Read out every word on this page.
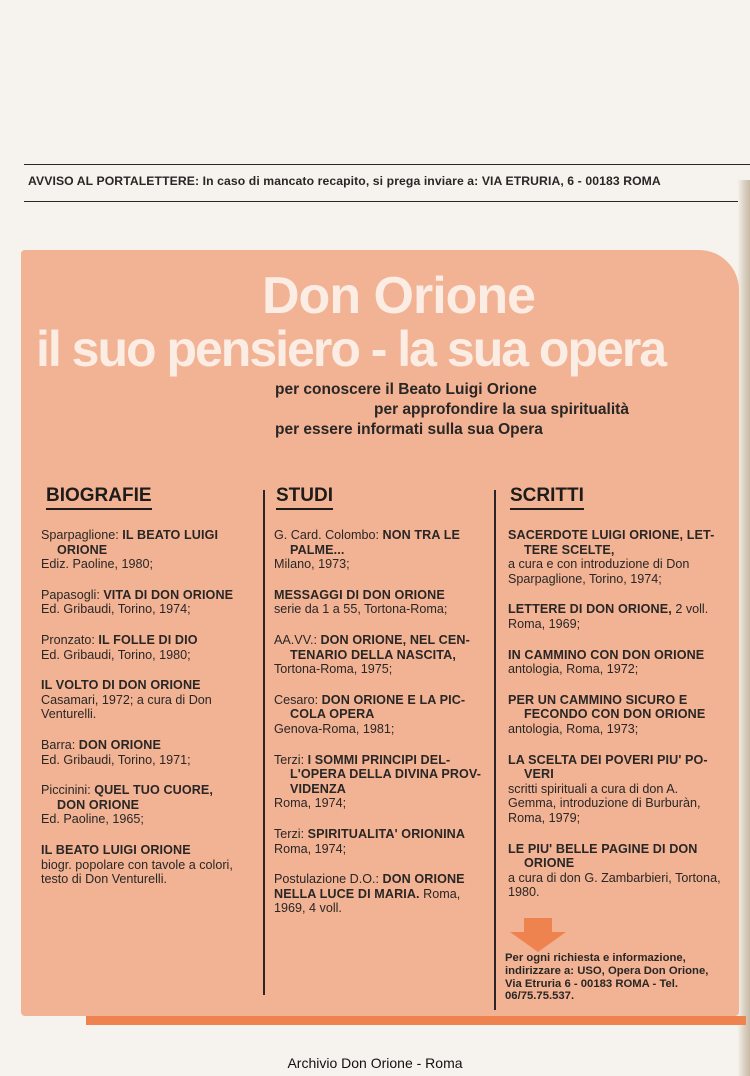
AVVISO AL PORTALETTERE: In caso di mancato recapito, si prega inviare a: VIA ETRURIA, 6 - 00183 ROMA
Don Orione
il suo pensiero - la sua opera
per conoscere il Beato Luigi Orione
per approfondire la sua spiritualità
per essere informati sulla sua Opera
BIOGRAFIE	STUDI	SCRITTI
Sparpaglione: IL BEATO LUIGI
ORIONE
Ediz. Paoline, 1980;
Papasogli: VITA DI DON ORIONE
Ed. Gribaudi, Torino, 1974;
Pronzato: IL FOLLE DI DIO
Ed. Gribaudi, Torino, 1980;
IL VOLTO DI DON ORIONE
Casamari, 1972; a cura di Don Venturelli.
Barra: DON ORIONE
Ed. Gribaudi, Torino, 1971;
Piccinini: QUEL TUO CUORE,
DON ORIONE
Ed. Paoline, 1965;
IL BEATO LUIGI ORIONE
biogr. popolare con tavole a colori, testo di Don Venturelli.
G. Card. Colombo: NON TRA LE
PALME...
Milano, 1973;
MESSAGGI DI DON ORIONE
serie da 1 a 55, Tortona-Roma;
AA.VV.: DON ORIONE, NEL CEN-
TENARIO DELLA NASCITA,
Tortona-Roma, 1975;
Cesaro: DON ORIONE E LA PIC-
COLA OPERA
Genova-Roma, 1981;
Terzi: I SOMMI PRINCIPI DEL-
L'OPERA DELLA DIVINA PROV-
VIDENZA
Roma, 1974;
Terzi: SPIRITUALITA' ORIONINA
Roma, 1974;
Postulazione D.O.: DON ORIONE NELLA LUCE DI MARIA. Roma, 1969, 4 voll.
SACERDOTE LUIGI ORIONE, LET-
TERE SCELTE,
a cura e con introduzione di Don Sparpaglione, Torino, 1974;
LETTERE DI DON ORIONE, 2 voll.
Roma, 1969;
IN CAMMINO CON DON ORIONE
antologia, Roma, 1972;
PER UN CAMMINO SICURO E
FECONDO CON DON ORIONE
antologia, Roma, 1973;
LA SCELTA DEI POVERI PIU' PO-
VERI
scritti spirituali a cura di don A. Gemma, introduzione di Burburàn, Roma, 1979;
LE PIU' BELLE PAGINE DI DON
ORIONE
a cura di don G. Zambarbieri, Tortona, 1980.
Per ogni richiesta e informazione, indirizzare a: USO, Opera Don Orione, Via Etruria 6 - 00183 ROMA - Tel. 06/75.75.537.
Archivio Don Orione - Roma
